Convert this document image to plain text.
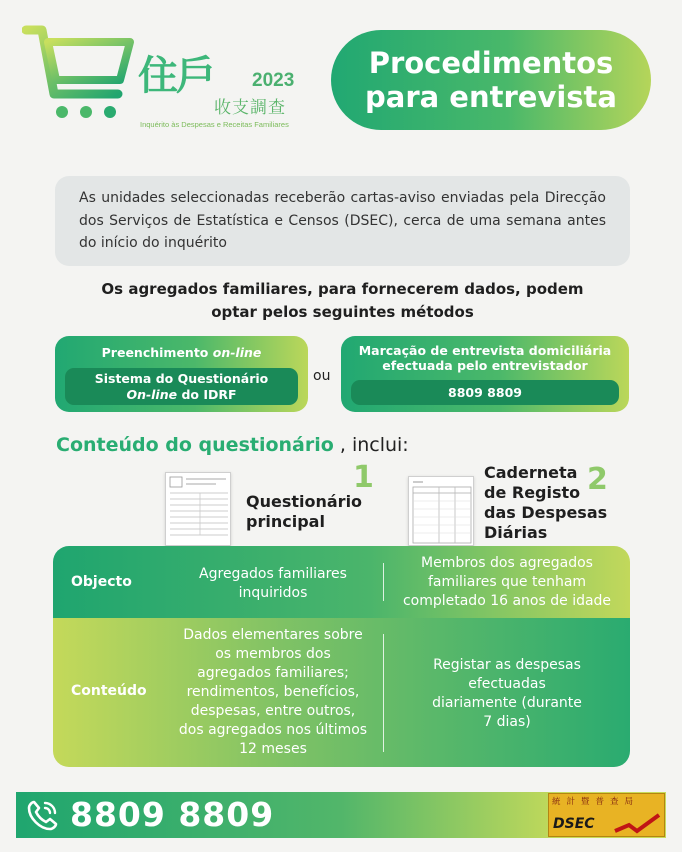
住戶 2023
收支調查
Inquérito às Despesas e Receitas Familiares
Procedimentos
para entrevista
As unidades seleccionadas receberão cartas-aviso enviadas pela Direcção dos Serviços de Estatística e Censos (DSEC), cerca de uma semana antes do início do inquérito
Os agregados familiares, para fornecerem dados, podem
optar pelos seguintes métodos
Preenchimento on-line
Sistema do Questionário
On-line do IDRF
ou
Marcação de entrevista domiciliária
efectuada pelo entrevistador
8809 8809
Conteúdo do questionário , inclui:
1
Questionário
principal
2
Caderneta
de Registo
das Despesas
Diárias
Objecto	Agregados familiares
inquiridos
Membros dos agregados
familiares que tenham
completado 16 anos de idade
Conteúdo
Dados elementares sobre
os membros dos
agregados familiares;
rendimentos, benefícios,
despesas, entre outros,
dos agregados nos últimos
12 meses
Registar as despesas
efectuadas
diariamente (durante
7 dias)
8809 8809	統計暨普查局
DSEC
